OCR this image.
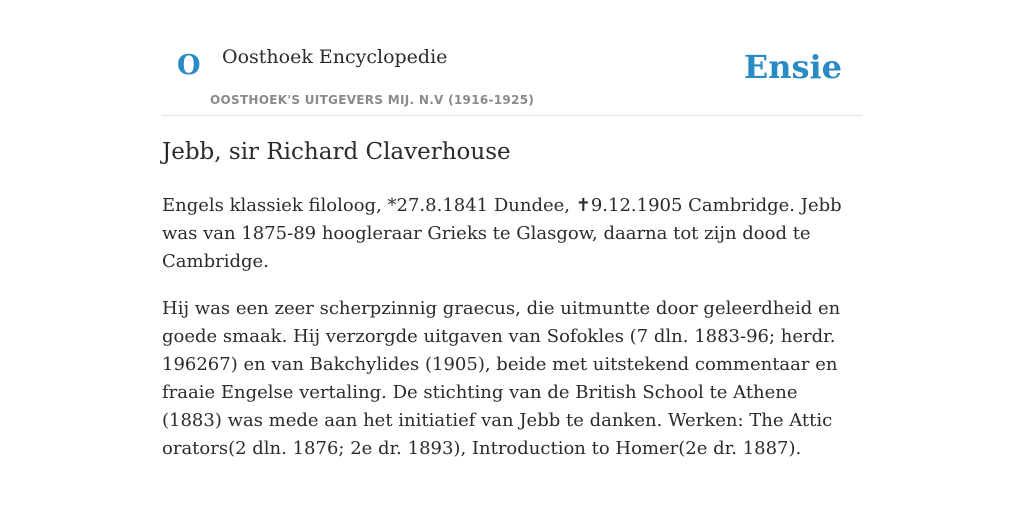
O Oosthoek Encyclopedie
OOSTHOEK'S UITGEVERS MIJ. N.V (1916-1925)
Ensie
Jebb, sir Richard Claverhouse

Engels klassiek filoloog, *27.8.1841 Dundee, ✝9.12.1905 Cambridge. Jebb was van 1875-89 hoogleraar Grieks te Glasgow, daarna tot zijn dood te Cambridge.

Hij was een zeer scherpzinnig graecus, die uitmuntte door geleerdheid en goede smaak. Hij verzorgde uitgaven van Sofokles (7 dln. 1883-96; herdr. 196267) en van Bakchylides (1905), beide met uitstekend commentaar en fraaie Engelse vertaling. De stichting van de British School te Athene (1883) was mede aan het initiatief van Jebb te danken. Werken: The Attic orators(2 dln. 1876; 2e dr. 1893), Introduction to Homer(2e dr. 1887).
